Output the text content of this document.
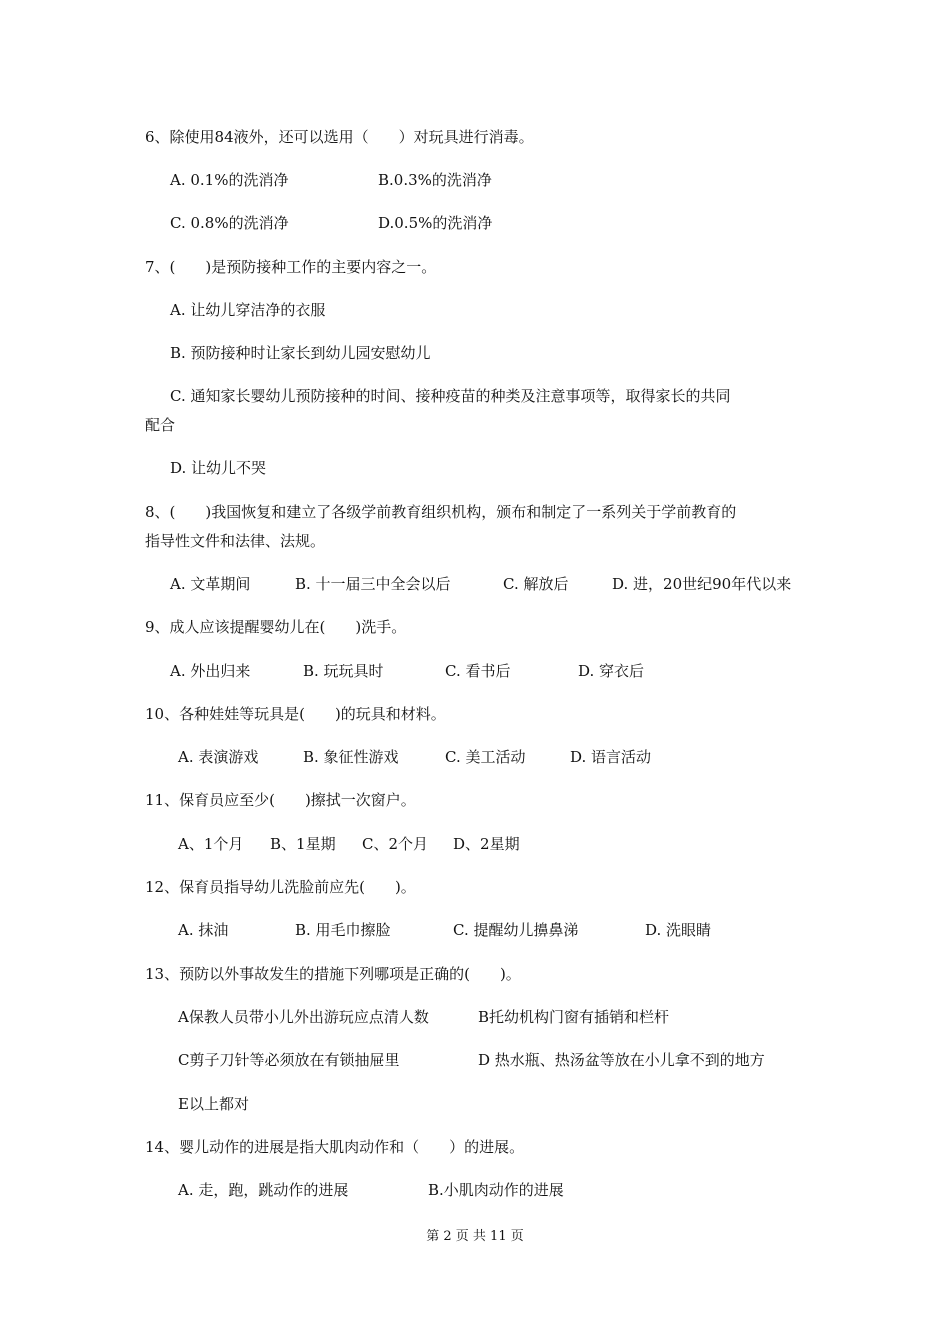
6、除使用84液外，还可以选用（　　）对玩具进行消毒。
A. 0.1%的洗消净	B.0.3%的洗消净
C. 0.8%的洗消净	D.0.5%的洗消净
7、(　　)是预防接种工作的主要内容之一。
A. 让幼儿穿洁净的衣服
B. 预防接种时让家长到幼儿园安慰幼儿
C. 通知家长婴幼儿预防接种的时间、接种疫苗的种类及注意事项等，取得家长的共同
配合
D. 让幼儿不哭
8、(　　)我国恢复和建立了各级学前教育组织机构，颁布和制定了一系列关于学前教育的
指导性文件和法律、法规。
A. 文革期间	B. 十一届三中全会以后	C. 解放后	D. 进，20世纪90年代以来
9、成人应该提醒婴幼儿在(　　)洗手。
A. 外出归来	B. 玩玩具时	C. 看书后	D. 穿衣后
10、各种娃娃等玩具是(　　)的玩具和材料。
A. 表演游戏	B. 象征性游戏	C. 美工活动	D. 语言活动
11、保育员应至少(　　)擦拭一次窗户。
A、1个月 B、1星期 C、2个月 D、2星期
12、保育员指导幼儿洗脸前应先(　　)。
A. 抹油	B. 用毛巾擦脸	C. 提醒幼儿擤鼻涕	D. 洗眼睛
13、预防以外事故发生的措施下列哪项是正确的(　　)。
A保教人员带小儿外出游玩应点清人数	B托幼机构门窗有插销和栏杆
C剪子刀针等必须放在有锁抽屉里	D 热水瓶、热汤盆等放在小儿拿不到的地方
E以上都对
14、婴儿动作的进展是指大肌肉动作和（　　）的进展。
A. 走，跑，跳动作的进展	B.小肌肉动作的进展
第 2 页 共 11 页
